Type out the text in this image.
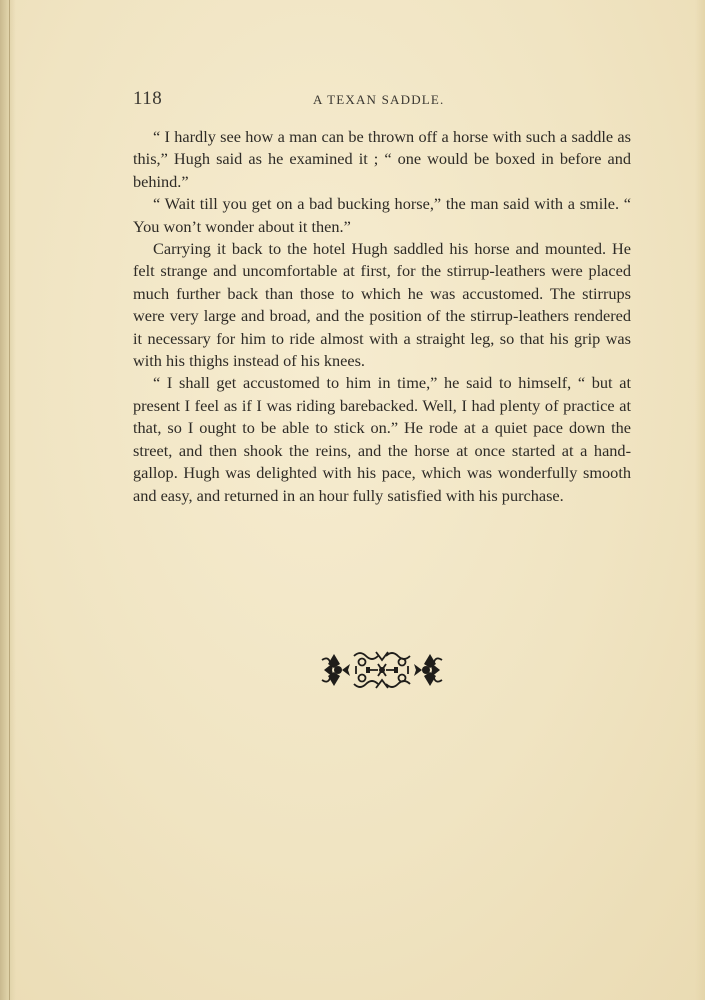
118	A TEXAN SADDLE.

“ I hardly see how a man can be thrown off a horse with such a saddle as this,” Hugh said as he examined it ; “ one would be boxed in before and behind.”

“ Wait till you get on a bad bucking horse,” the man said with a smile. “ You won’t wonder about it then.”

Carrying it back to the hotel Hugh saddled his horse and mounted. He felt strange and uncomfortable at first, for the stirrup-leathers were placed much further back than those to which he was accustomed. The stirrups were very large and broad, and the position of the stirrup-leathers rendered it necessary for him to ride almost with a straight leg, so that his grip was with his thighs instead of his knees.

“ I shall get accustomed to him in time,” he said to himself, “ but at present I feel as if I was riding barebacked. Well, I had plenty of practice at that, so I ought to be able to stick on.” He rode at a quiet pace down the street, and then shook the reins, and the horse at once started at a hand-gallop. Hugh was delighted with his pace, which was wonderfully smooth and easy, and returned in an hour fully satisfied with his purchase.
